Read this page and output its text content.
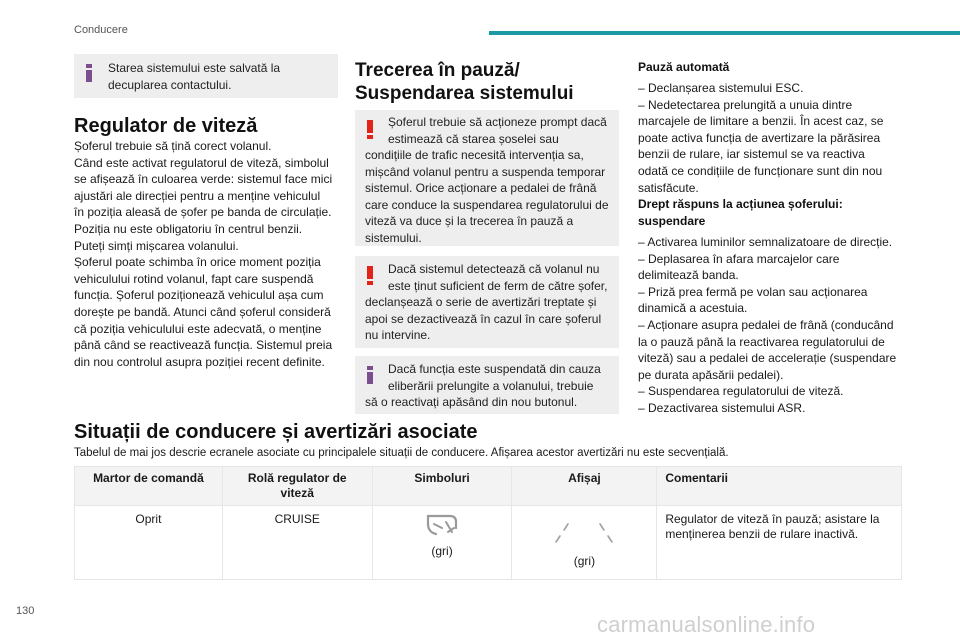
Conducere

Starea sistemului este salvată la

decuplarea contactului.

Regulator de viteză
Șoferul trebuie să țină corect volanul.
Când este activat regulatorul de viteză, simbolul
se afișează în culoarea verde: sistemul face mici
ajustări ale direcției pentru a menține vehiculul
în poziția aleasă de șofer pe banda de circulație.
Poziția nu este obligatoriu în centrul benzii.
Puteți simți mișcarea volanului.
Șoferul poate schimba în orice moment poziția
vehiculului rotind volanul, fapt care suspendă
funcția. Șoferul poziționează vehiculul așa cum
dorește pe bandă. Atunci când șoferul consideră
că poziția vehiculului este adecvată, o menține
până când se reactivează funcția. Sistemul preia
din nou controlul asupra poziției recent definite.
Trecerea în pauză/
Suspendarea sistemului

Șoferul trebuie să acționeze prompt dacă

estimează că starea șoselei sau

condițiile de trafic necesită intervenția sa,

mișcând volanul pentru a suspenda temporar

sistemul. Orice acționare a pedalei de frână

care conduce la suspendarea regulatorului de

viteză va duce și la trecerea în pauză a

sistemului.

Dacă sistemul detectează că volanul nu

este ținut suficient de ferm de către șofer,

declanșează o serie de avertizări treptate și

apoi se dezactivează în cazul în care șoferul

nu intervine.

Dacă funcția este suspendată din cauza

eliberării prelungite a volanului, trebuie

să o reactivați apăsând din nou butonul.

Pauză automată
– Declanșarea sistemului ESC.
– Nedetectarea prelungită a unuia dintre
marcajele de limitare a benzii. În acest caz, se
poate activa funcția de avertizare la părăsirea
benzii de rulare, iar sistemul se va reactiva
odată ce condițiile de funcționare sunt din nou
satisfăcute.
Drept răspuns la acțiunea șoferului:
suspendare
– Activarea luminilor semnalizatoare de direcție.
– Deplasarea în afara marcajelor care
delimitează banda.
– Priză prea fermă pe volan sau acționarea
dinamică a acestuia.
– Acționare asupra pedalei de frână (conducând
la o pauză până la reactivarea regulatorului de
viteză) sau a pedalei de accelerație (suspendare
pe durata apăsării pedalei).
– Suspendarea regulatorului de viteză.
– Dezactivarea sistemului ASR.
Situații de conducere și avertizări asociate
Tabelul de mai jos descrie ecranele asociate cu principalele situații de conducere. Afișarea acestor avertizări nu este secvențială.
Martor de comandă	Rolă regulator de
viteză	Simboluri	Afișaj	Comentarii
Oprit	CRUISE	(gri)	(gri)	Regulator de viteză în pauză; asistare la
menținerea benzii de rulare inactivă.
130
carmanualsonline.info
